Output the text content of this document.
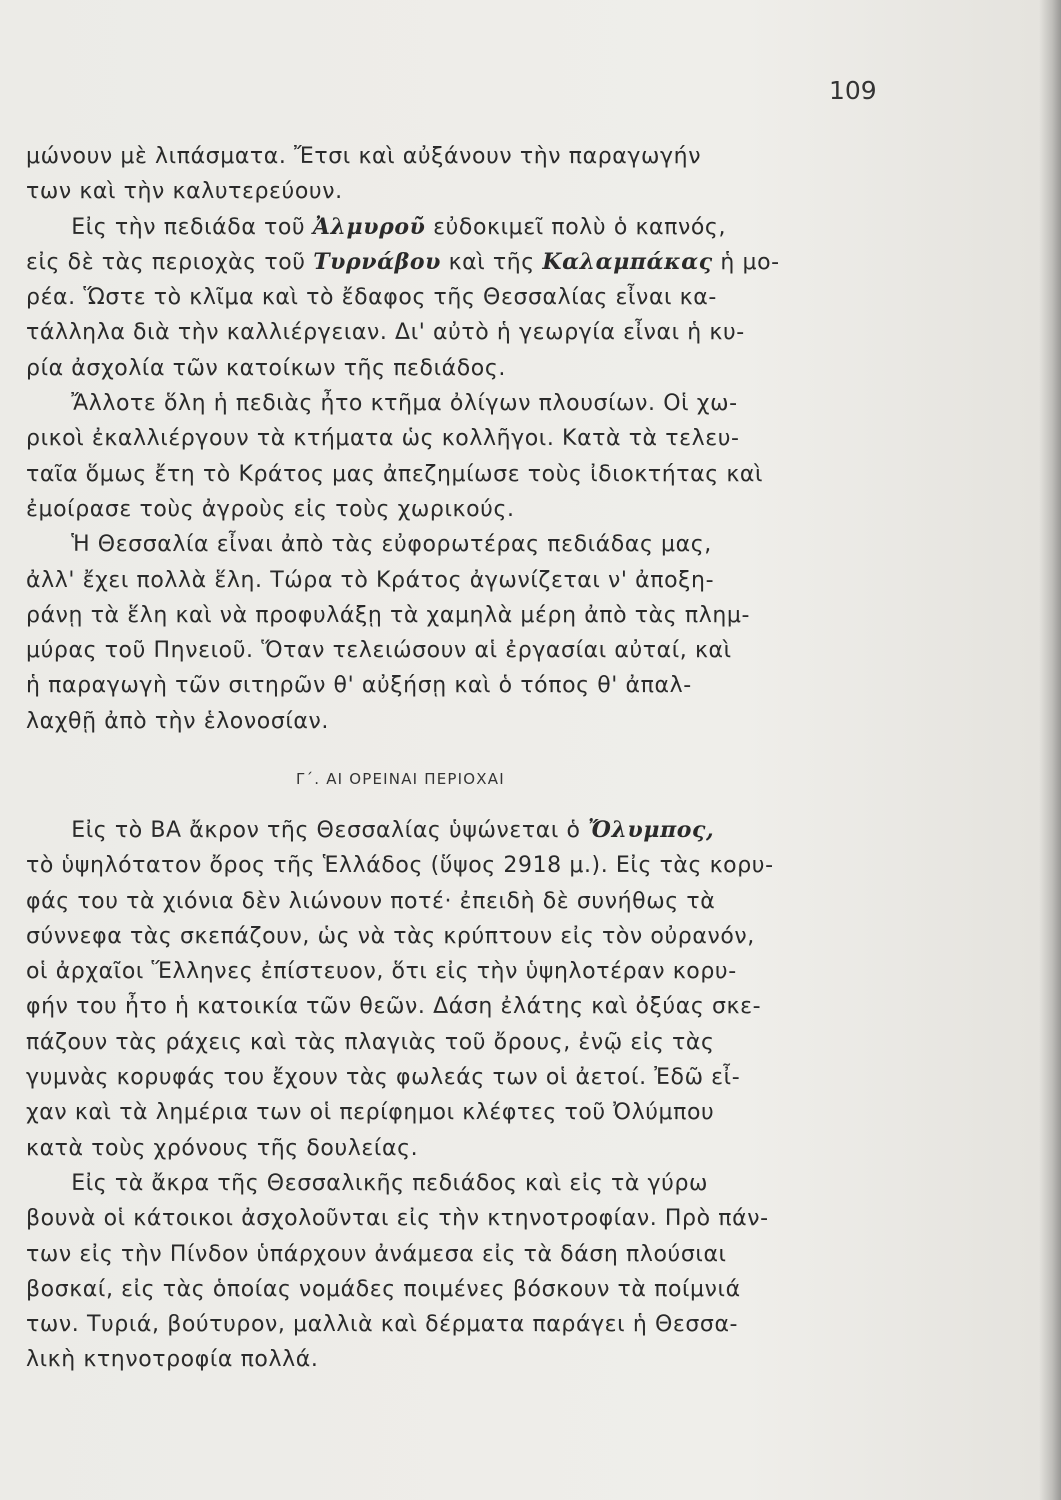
109
μώνουν μὲ λιπάσματα. Ἔτσι καὶ αὐξάνουν τὴν παραγωγήν
των καὶ τὴν καλυτερεύουν.
  Εἰς τὴν πεδιάδα τοῦ Ἀλμυροῦ εὐδοκιμεῖ πολὺ ὁ καπνός,
εἰς δὲ τὰς περιοχὰς τοῦ Τυρνάβου καὶ τῆς Καλαμπάκας ἡ μο-
ρέα. Ὥστε τὸ κλῖμα καὶ τὸ ἔδαφος τῆς Θεσσαλίας εἶναι κα-
τάλληλα διὰ τὴν καλλιέργειαν. Δι' αὐτὸ ἡ γεωργία εἶναι ἡ κυ-
ρία ἀσχολία τῶν κατοίκων τῆς πεδιάδος.
  Ἄλλοτε ὅλη ἡ πεδιὰς ἦτο κτῆμα ὀλίγων πλουσίων. Οἱ χω-
ρικοὶ ἐκαλλιέργουν τὰ κτήματα ὡς κολλῆγοι. Κατὰ τὰ τελευ-
ταῖα ὅμως ἔτη τὸ Κράτος μας ἀπεζημίωσε τοὺς ἰδιοκτήτας καὶ
ἐμοίρασε τοὺς ἀγροὺς εἰς τοὺς χωρικούς.
  Ἡ Θεσσαλία εἶναι ἀπὸ τὰς εὐφορωτέρας πεδιάδας μας,
ἀλλ' ἔχει πολλὰ ἕλη. Τώρα τὸ Κράτος ἀγωνίζεται ν' ἀποξη-
ράνῃ τὰ ἕλη καὶ νὰ προφυλάξῃ τὰ χαμηλὰ μέρη ἀπὸ τὰς πλημ-
μύρας τοῦ Πηνειοῦ. Ὅταν τελειώσουν αἱ ἐργασίαι αὐταί, καὶ
ἡ παραγωγὴ τῶν σιτηρῶν θ' αὐξήσῃ καὶ ὁ τόπος θ' ἀπαλ-
λαχθῇ ἀπὸ τὴν ἑλονοσίαν.
Γ΄. ΑΙ ΟΡΕΙΝΑΙ ΠΕΡΙΟΧΑΙ
  Εἰς τὸ ΒΑ ἄκρον τῆς Θεσσαλίας ὑψώνεται ὁ Ὄλυμπος,
τὸ ὑψηλότατον ὄρος τῆς Ἑλλάδος (ὕψος 2918 μ.). Εἰς τὰς κορυ-
φάς του τὰ χιόνια δὲν λιώνουν ποτέ· ἐπειδὴ δὲ συνήθως τὰ
σύννεφα τὰς σκεπάζουν, ὡς νὰ τὰς κρύπτουν εἰς τὸν οὐρανόν,
οἱ ἀρχαῖοι Ἕλληνες ἐπίστευον, ὅτι εἰς τὴν ὑψηλοτέραν κορυ-
φήν του ἦτο ἡ κατοικία τῶν θεῶν. Δάση ἐλάτης καὶ ὀξύας σκε-
πάζουν τὰς ράχεις καὶ τὰς πλαγιὰς τοῦ ὄρους, ἐνῷ εἰς τὰς
γυμνὰς κορυφάς του ἔχουν τὰς φωλεάς των οἱ ἀετοί. Ἐδῶ εἶ-
χαν καὶ τὰ λημέρια των οἱ περίφημοι κλέφτες τοῦ Ὀλύμπου
κατὰ τοὺς χρόνους τῆς δουλείας.
  Εἰς τὰ ἄκρα τῆς Θεσσαλικῆς πεδιάδος καὶ εἰς τὰ γύρω
βουνὰ οἱ κάτοικοι ἀσχολοῦνται εἰς τὴν κτηνοτροφίαν. Πρὸ πάν-
των εἰς τὴν Πίνδον ὑπάρχουν ἀνάμεσα εἰς τὰ δάση πλούσιαι
βοσκαί, εἰς τὰς ὁποίας νομάδες ποιμένες βόσκουν τὰ ποίμνιά
των. Τυριά, βούτυρον, μαλλιὰ καὶ δέρματα παράγει ἡ Θεσσα-
λικὴ κτηνοτροφία πολλά.
